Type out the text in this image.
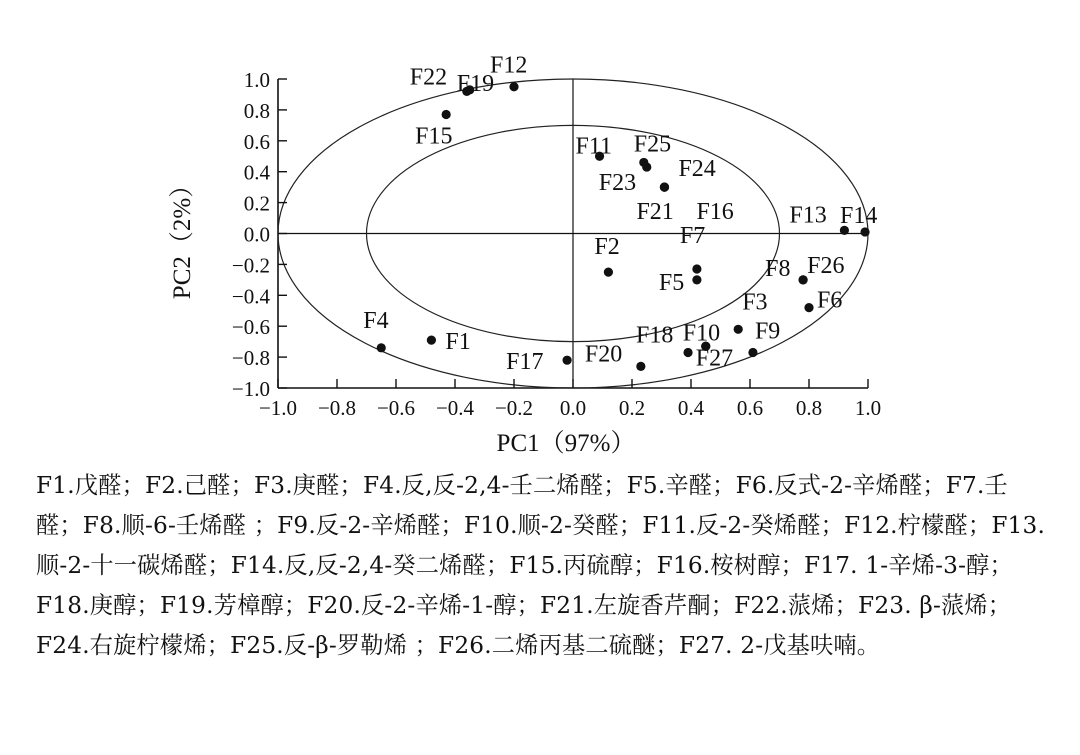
−1.0 −0.8 −0.6 −0.4 −0.2 0.0 0.2 0.4 0.6 0.8 1.0
1.0
0.8
0.6
0.4
0.2
0.0
−0.2
−0.4
−0.6
−0.8
−1.0
F1
F2
F3
F4
F5
F6
F7
F8
F9
F10
F11
F12
F13 F14
F15
F16
F17
F18
F19
F20
F21
F22
F23
F24
F25
F26
F27
PC1（97%）
PC2（2%）
F1.戊醛；F2.己醛；F3.庚醛；F4.反,反-2,4-壬二烯醛；F5.辛醛；F6.反式-2-辛烯醛；F7.壬醛；F8.顺-6-壬烯醛 ；F9.反-2-辛烯醛；F10.顺-2-癸醛；F11.反-2-癸烯醛；F12.柠檬醛；F13.顺-2-十一碳烯醛；F14.反,反-2,4-癸二烯醛；F15.丙硫醇；F16.桉树醇；F17. 1-辛烯-3-醇；F18.庚醇；F19.芳樟醇；F20.反-2-辛烯-1-醇；F21.左旋香芹酮；F22.蒎烯；F23. β-蒎烯；F24.右旋柠檬烯；F25.反-β-罗勒烯 ；F26.二烯丙基二硫醚；F27. 2-戊基呋喃。
